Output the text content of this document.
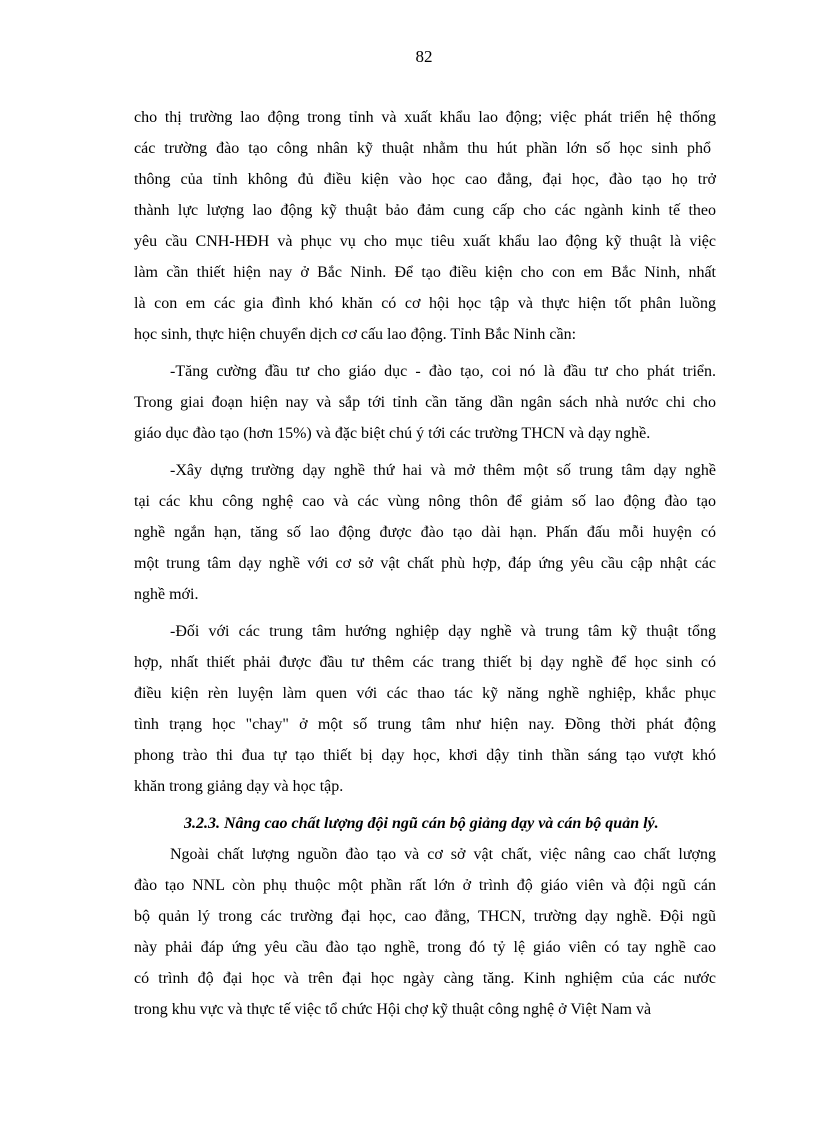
82

cho thị trường lao động trong tỉnh và xuất khẩu lao động; việc phát triển hệ thống
các trường đào tạo công nhân kỹ thuật nhằm thu hút phần lớn số học sinh phổ
thông của tỉnh không đủ điều kiện vào học cao đẳng, đại học, đào tạo họ trở
thành lực lượng lao động kỹ thuật bảo đảm cung cấp cho các ngành kinh tế theo
yêu cầu CNH-HĐH và phục vụ cho mục tiêu xuất khẩu lao động kỹ thuật là việc
làm cần thiết hiện nay ở Bắc Ninh. Để tạo điều kiện cho con em Bắc Ninh, nhất
là con em các gia đình khó khăn có cơ hội học tập và thực hiện tốt phân luồng
học sinh, thực hiện chuyển dịch cơ cấu lao động. Tỉnh Bắc Ninh cần:

-Tăng cường đầu tư cho giáo dục - đào tạo, coi nó là đầu tư cho phát triển.
Trong giai đoạn hiện nay và sắp tới tỉnh cần tăng dần ngân sách nhà nước chi cho
giáo dục đào tạo (hơn 15%) và đặc biệt chú ý tới các trường THCN và dạy nghề.

-Xây dựng trường dạy nghề thứ hai và mở thêm một số trung tâm dạy nghề
tại các khu công nghệ cao và các vùng nông thôn để giảm số lao động đào tạo
nghề ngắn hạn, tăng số lao động được đào tạo dài hạn. Phấn đấu mỗi huyện có
một trung tâm dạy nghề với cơ sở vật chất phù hợp, đáp ứng yêu cầu cập nhật các
nghề mới.

-Đối với các trung tâm hướng nghiệp dạy nghề và trung tâm kỹ thuật tổng
hợp, nhất thiết phải được đầu tư thêm các trang thiết bị dạy nghề để học sinh có
điều kiện rèn luyện làm quen với các thao tác kỹ năng nghề nghiệp, khắc phục
tình trạng học "chay" ở một số trung tâm như hiện nay. Đồng thời phát động
phong trào thi đua tự tạo thiết bị dạy học, khơi dậy tinh thần sáng tạo vượt khó
khăn trong giảng dạy và học tập.

3.2.3. Nâng cao chất lượng đội ngũ cán bộ giảng dạy và cán bộ quản lý.

Ngoài chất lượng nguồn đào tạo và cơ sở vật chất, việc nâng cao chất lượng
đào tạo NNL còn phụ thuộc một phần rất lớn ở trình độ giáo viên và đội ngũ cán
bộ quản lý trong các trường đại học, cao đẳng, THCN, trường dạy nghề. Đội ngũ
này phải đáp ứng yêu cầu đào tạo nghề, trong đó tỷ lệ giáo viên có tay nghề cao
có trình độ đại học và trên đại học ngày càng tăng. Kinh nghiệm của các nước
trong khu vực và thực tế việc tổ chức Hội chợ kỹ thuật công nghệ ở Việt Nam và
